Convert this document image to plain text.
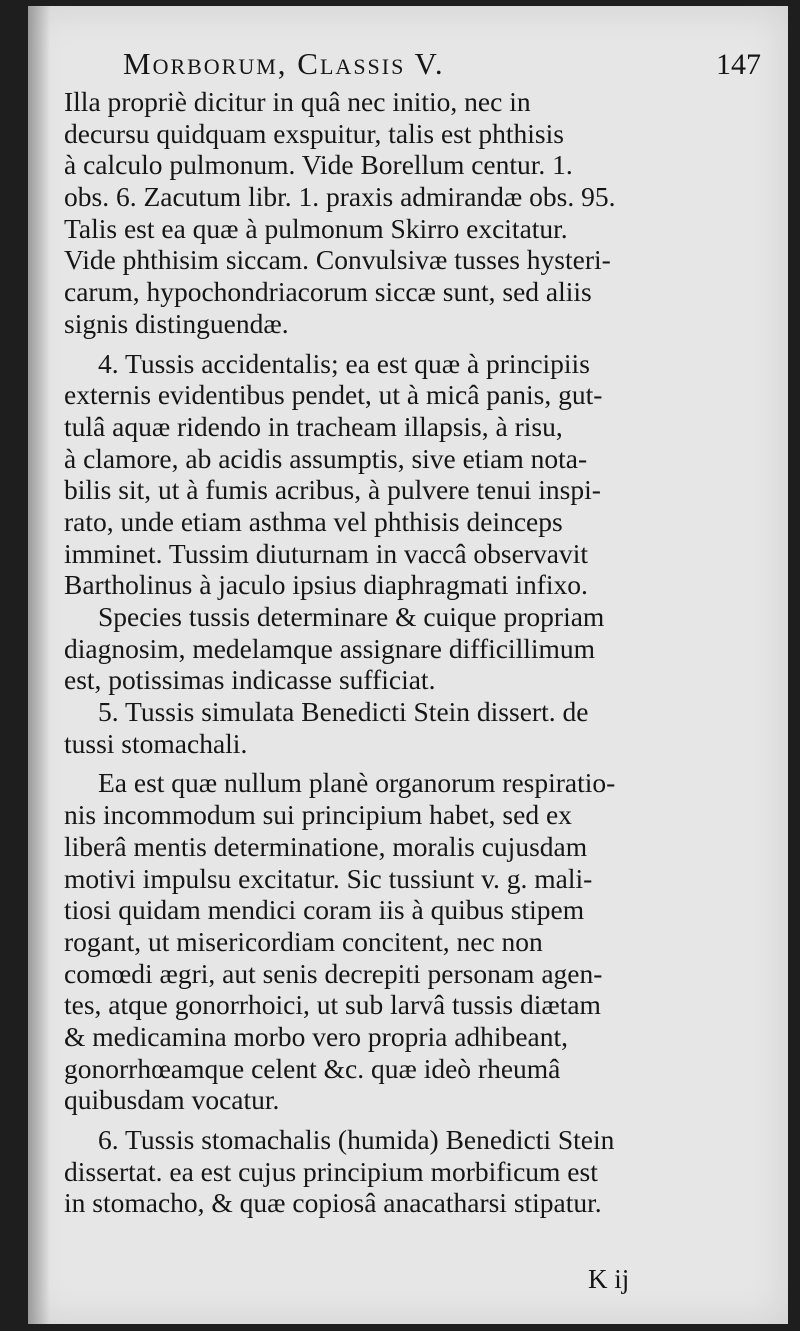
Morborum, Classis V.	147
Illa propriè dicitur in quâ nec initio, nec in
decursu quidquam exspuitur, talis est phthisis
à calculo pulmonum. Vide Borellum centur. 1.
obs. 6. Zacutum libr. 1. praxis admirandæ obs. 95.
Talis est ea quæ à pulmonum Skirro excitatur.
Vide phthisim siccam. Convulsivæ tusses hysteri-
carum, hypochondriacorum siccæ sunt, sed aliis
signis distinguendæ.
4. Tussis accidentalis; ea est quæ à principiis
externis evidentibus pendet, ut à micâ panis, gut-
tulâ aquæ ridendo in tracheam illapsis, à risu,
à clamore, ab acidis assumptis, sive etiam nota-
bilis sit, ut à fumis acribus, à pulvere tenui inspi-
rato, unde etiam asthma vel phthisis deinceps
imminet. Tussim diuturnam in vaccâ observavit
Bartholinus à jaculo ipsius diaphragmati infixo.
Species tussis determinare & cuique propriam
diagnosim, medelamque assignare difficillimum
est, potissimas indicasse sufficiat.
5. Tussis simulata Benedicti Stein dissert. de
tussi stomachali.
Ea est quæ nullum planè organorum respiratio-
nis incommodum sui principium habet, sed ex
liberâ mentis determinatione, moralis cujusdam
motivi impulsu excitatur. Sic tussiunt v. g. mali-
tiosi quidam mendici coram iis à quibus stipem
rogant, ut misericordiam concitent, nec non
comœdi ægri, aut senis decrepiti personam agen-
tes, atque gonorrhoici, ut sub larvâ tussis diætam
& medicamina morbo vero propria adhibeant,
gonorrhœamque celent &c. quæ ideò rheumâ
quibusdam vocatur.
6. Tussis stomachalis (humida) Benedicti Stein
dissertat. ea est cujus principium morbificum est
in stomacho, & quæ copiosâ anacatharsi stipatur.
K ij
